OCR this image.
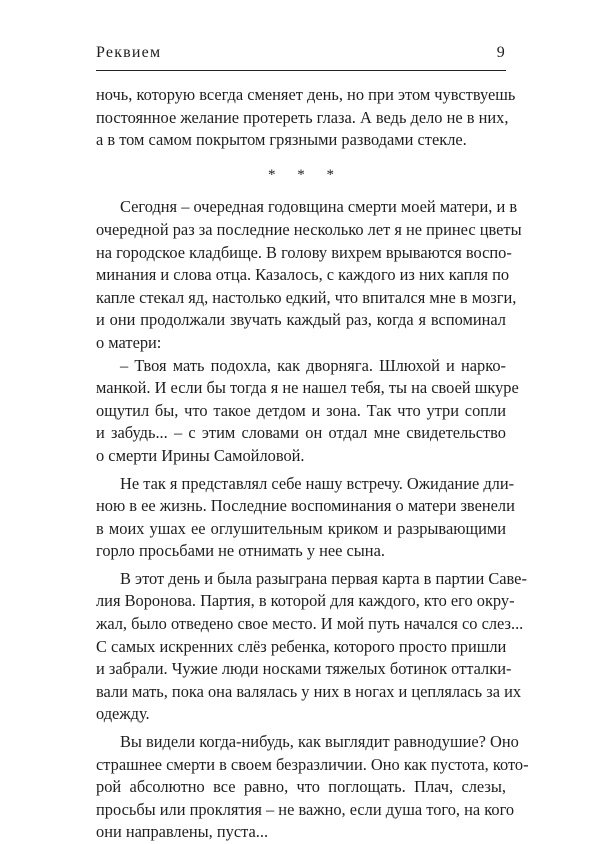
Реквием	9
ночь, которую всегда сменяет день, но при этом чувствуешь
постоянное желание протереть глаза. А ведь дело не в них,
а в том самом покрытом грязными разводами стекле.
* * *
Сегодня – очередная годовщина смерти моей матери, и в
очередной раз за последние несколько лет я не принес цветы
на городское кладбище. В голову вихрем врываются воспо-
минания и слова отца. Казалось, с каждого из них капля по
капле стекал яд, настолько едкий, что впитался мне в мозги,
и они продолжали звучать каждый раз, когда я вспоминал
о матери:
– Твоя мать подохла, как дворняга. Шлюхой и нарко-
манкой. И если бы тогда я не нашел тебя, ты на своей шкуре
ощутил бы, что такое детдом и зона. Так что утри сопли
и забудь... – с этим словами он отдал мне свидетельство
о смерти Ирины Самойловой.
Не так я представлял себе нашу встречу. Ожидание дли-
ною в ее жизнь. Последние воспоминания о матери звенели
в моих ушах ее оглушительным криком и разрывающими
горло просьбами не отнимать у нее сына.
В этот день и была разыграна первая карта в партии Саве-
лия Воронова. Партия, в которой для каждого, кто его окру-
жал, было отведено свое место. И мой путь начался со слез...
С самых искренних слёз ребенка, которого просто пришли
и забрали. Чужие люди носками тяжелых ботинок отталки-
вали мать, пока она валялась у них в ногах и цеплялась за их
одежду.
Вы видели когда-нибудь, как выглядит равнодушие? Оно
страшнее смерти в своем безразличии. Оно как пустота, кото-
рой абсолютно все равно, что поглощать. Плач, слезы,
просьбы или проклятия – не важно, если душа того, на кого
они направлены, пуста...
